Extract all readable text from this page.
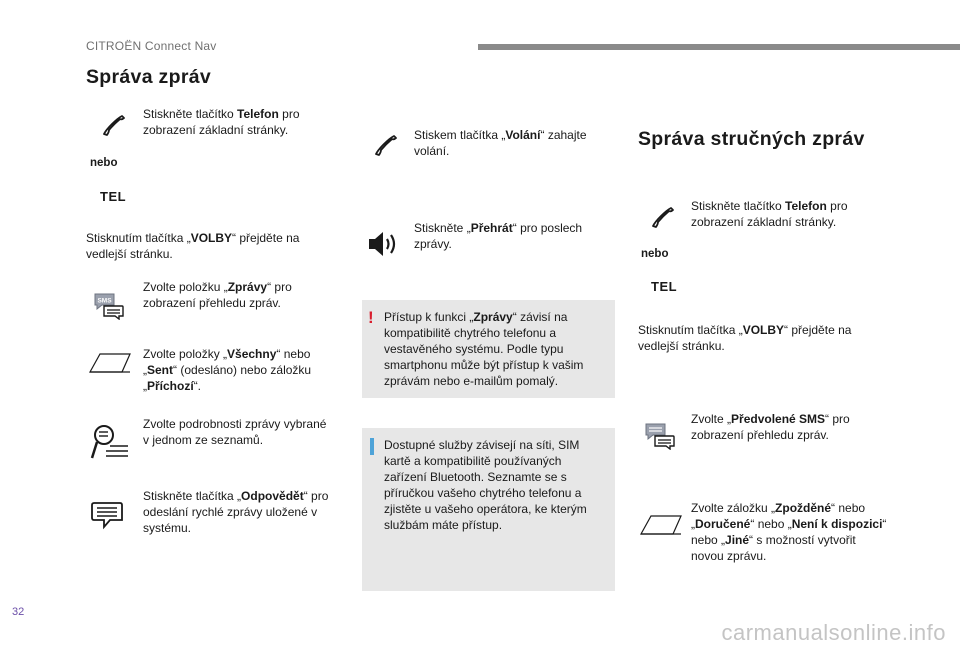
CITROËN Connect Nav
Správa zpráv
Stiskněte tlačítko Telefon pro zobrazení základní stránky.
nebo
TEL
Stisknutím tlačítka „VOLBY“ přejděte na vedlejší stránku.
SMS
Zvolte položku „Zprávy“ pro zobrazení přehledu zpráv.
Zvolte položky „Všechny“ nebo „Sent“ (odesláno) nebo záložku „Příchozí“.
Zvolte podrobnosti zprávy vybrané v jednom ze seznamů.
Stiskněte tlačítka „Odpovědět“ pro odeslání rychlé zprávy uložené v systému.
Stiskem tlačítka „Volání“ zahajte volání.
Stiskněte „Přehrát“ pro poslech zprávy.
! Přístup k funkci „Zprávy“ závisí na kompatibilitě chytrého telefonu a vestavěného systému. Podle typu smartphonu může být přístup k vašim zprávám nebo e-mailům pomalý.
Dostupné služby závisejí na síti, SIM kartě a kompatibilitě používaných zařízení Bluetooth. Seznamte se s příručkou vašeho chytrého telefonu a zjistěte u vašeho operátora, ke kterým službám máte přístup.
Správa stručných zpráv
Stiskněte tlačítko Telefon pro zobrazení základní stránky.
nebo
TEL
Stisknutím tlačítka „VOLBY“ přejděte na vedlejší stránku.
Zvolte „Předvolené SMS“ pro zobrazení přehledu zpráv.
Zvolte záložku „Zpožděné“ nebo „Doručené“ nebo „Není k dispozici“ nebo „Jiné“ s možností vytvořit novou zprávu.
32
carmanualsonline.info
